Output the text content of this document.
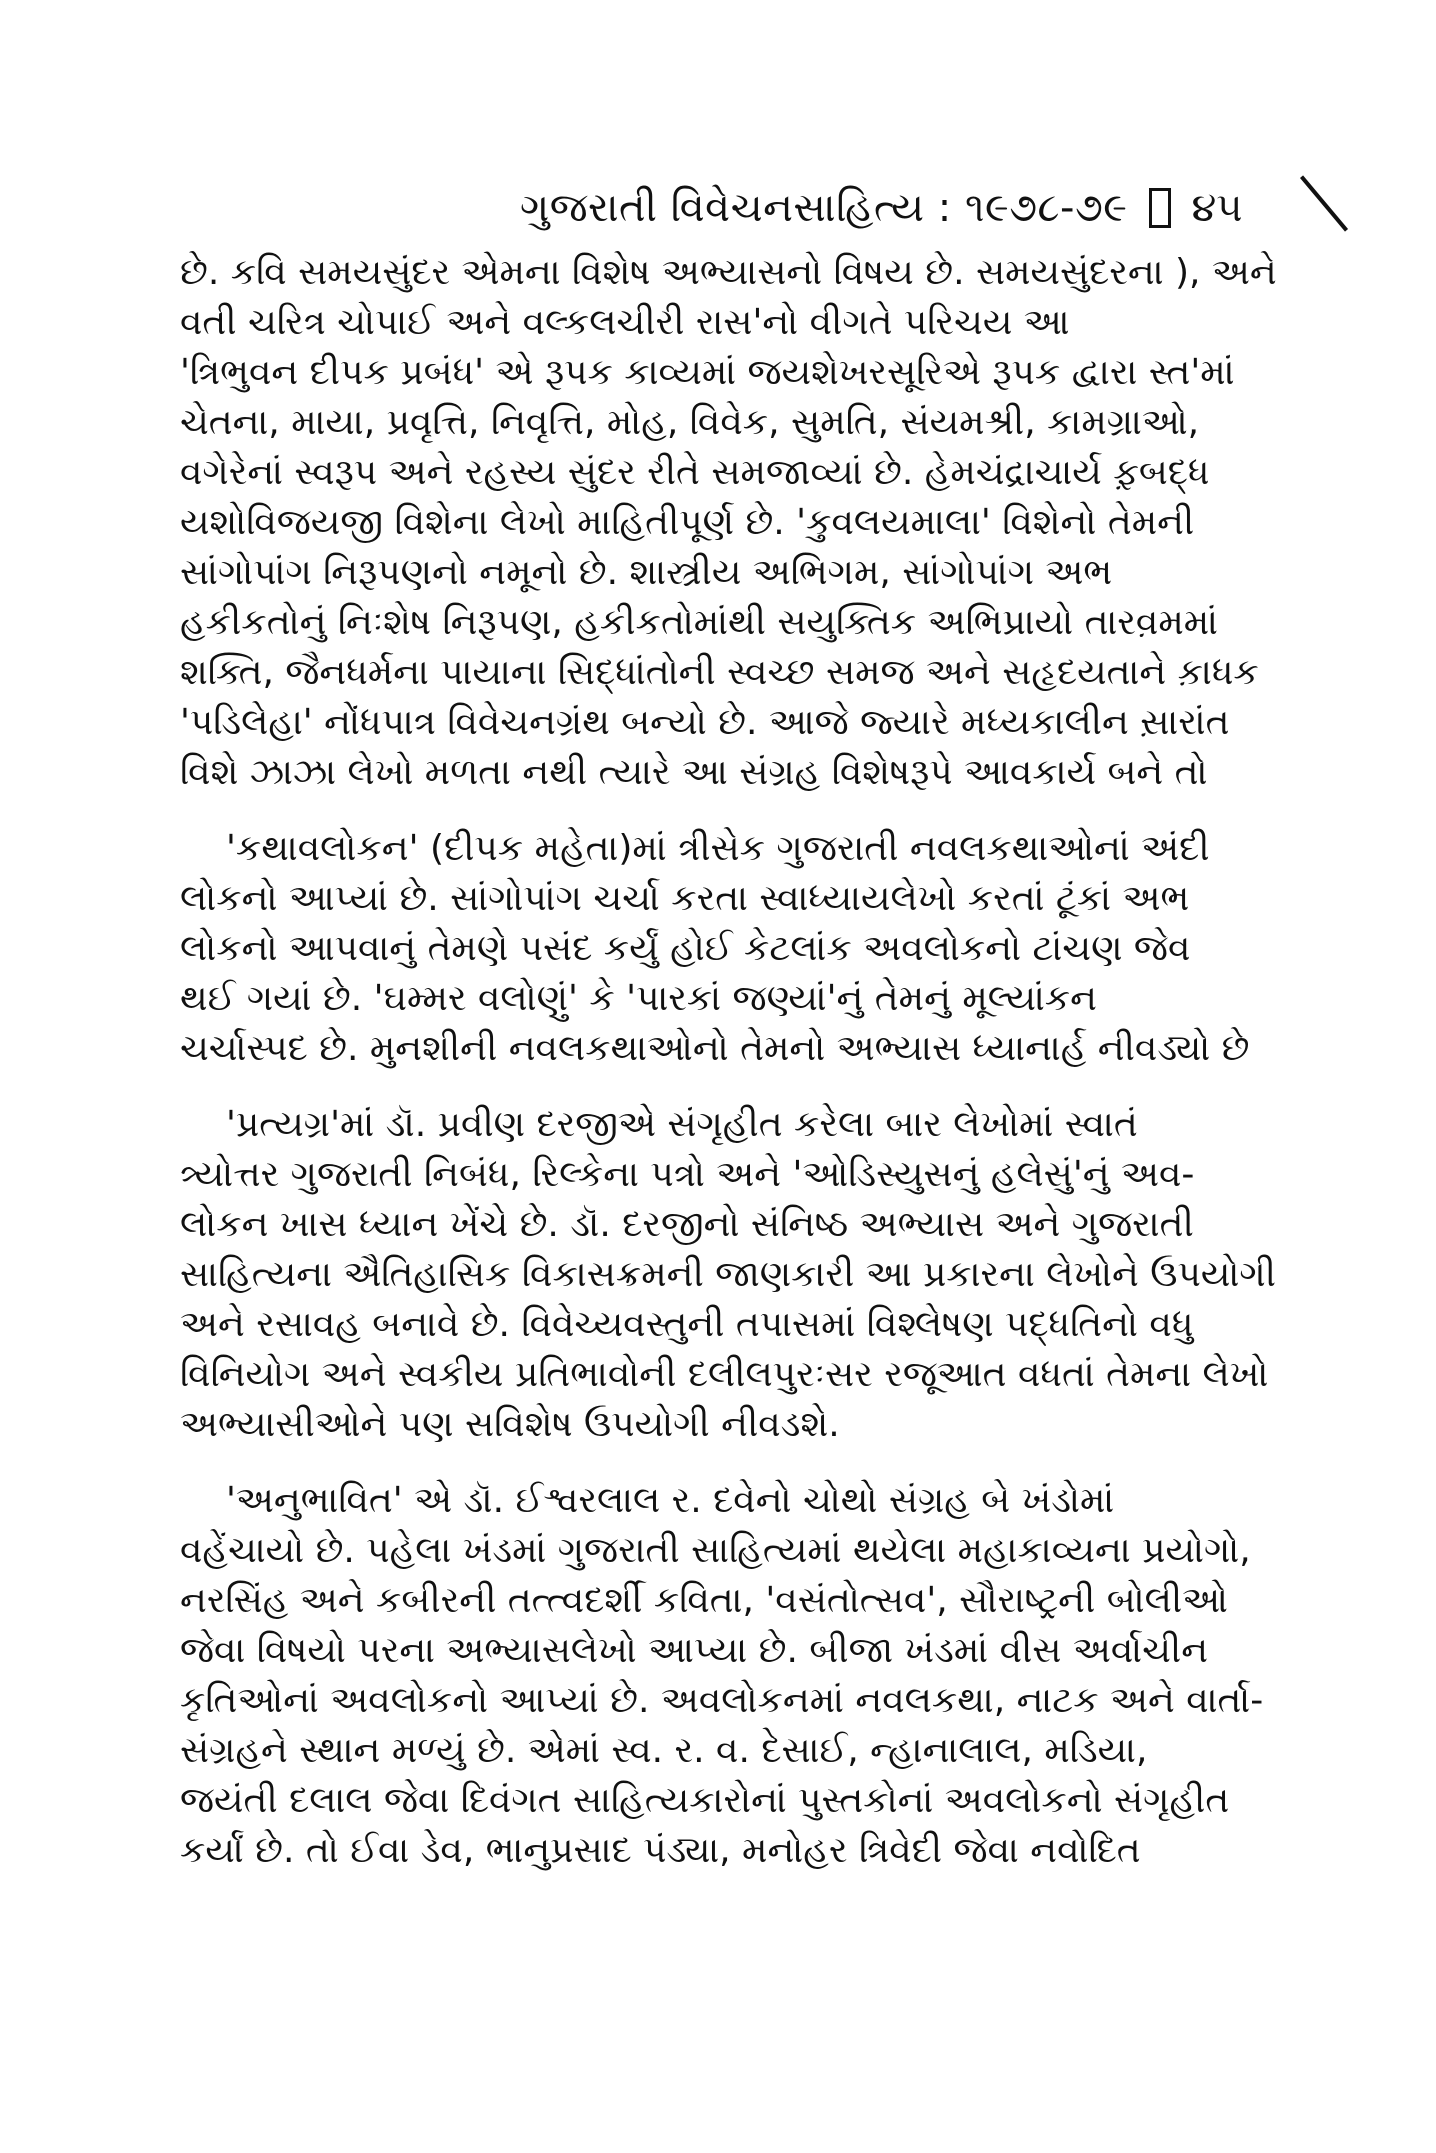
ગુજરાતી વિવેચનસાહિત્ય : ૧૯૭૮-૭૯ ૪૫
છે. કવિ સમયસુંદર એમના વિશેષ અભ્યાસનો વિષય છે. સમયસુંદરના ), અને
વતી ચરિત્ર ચોપાઈ અને વલ્કલચીરી રાસ'નો વીગતે પરિચય આ
'ત્રિભુવન દીપક પ્રબંધ' એ રૂપક કાવ્યમાં જયશેખરસૂરિએ રૂપક દ્વારા સ્ત'માં
ચેતના, માયા, પ્રવૃત્તિ, નિવૃત્તિ, મોહ, વિવેક, સુમતિ, સંયમશ્રી, કામગ્રાઓ,
વગેરેનાં સ્વરૂપ અને રહસ્ય સુંદર રીતે સમજાવ્યાં છે. હેમચંદ્રાચાર્ય ફ઼બદ્ધ
યશોવિજયજી વિશેના લેખો માહિતીપૂર્ણ છે. 'કુવલયમાલા' વિશેનો તેમની
સાંગોપાંગ નિરૂપણનો નમૂનો છે. શાસ્ત્રીય અભિગમ, સાંગોપાંગ અભ
હકીકતોનું નિઃશેષ નિરૂપણ, હકીકતોમાંથી સયુક્તિક અભિપ્રાયો તારવ઼મમાં
શક્તિ, જૈનધર્મના પાયાના સિદ્ધાંતોની સ્વચ્છ સમજ અને સહૃદયતાને કા઼ધક
'પડિલેહા' નોંધપાત્ર વિવેચનગ્રંથ બન્યો છે. આજે જ્યારે મધ્યકાલીન સા઼રાંત
વિશે ઝાઝા લેખો મળતા નથી ત્યારે આ સંગ્રહ વિશેષરૂપે આવકાર્ય બને તો
'કથાવલોકન' (દીપક મહેતા)માં ત્રીસેક ગુજરાતી નવલકથાઓનાં અંદી
લોકનો આપ્યાં છે. સાંગોપાંગ ચર્ચા કરતા સ્વાધ્યાયલેખો કરતાં ટૂંકાં અભ
લોકનો આપવાનું તેમણે પસંદ કર્યું હોઈ કેટલાંક અવલોકનો ટાંચણ જેવ
થઈ ગયાં છે. 'ઘમ્મર વલોણું' કે 'પારકાં જણ્યાં'નું તેમનું મૂલ્યાંકન
ચર્ચાસ્પદ છે. મુનશીની નવલકથાઓનો તેમનો અભ્યાસ ધ્યાનાર્હ નીવડ્યો છે
'પ્રત્યગ્ર'માં ડૉ. પ્રવીણ દરજીએ સંગૃહીત કરેલા બાર લેખોમાં સ્વાતં
ત્ર્યોત્તર ગુજરાતી નિબંધ, રિલ્કેના પત્રો અને 'ઓડિસ્યુસનું હલેસું'નું અવ-
લોકન ખાસ ધ્યાન ખેંચે છે. ડૉ. દરજીનો સંનિષ્ઠ અભ્યાસ અને ગુજરાતી
સાહિત્યના ઐતિહાસિક વિકાસક્રમની જાણકારી આ પ્રકારના લેખોને ઉપયોગી
અને રસાવહ બનાવે છે. વિવેચ્યવસ્તુની તપાસમાં વિશ્લેષણ પદ્ધતિનો વધુ
વિનિયોગ અને સ્વકીય પ્રતિભાવોની દલીલપુરઃસર રજૂઆત વધતાં તેમના લેખો
અભ્યાસીઓને પણ સવિશેષ ઉપયોગી નીવડશે.
'અનુભાવિત' એ ડૉ. ઈશ્વરલાલ ર. દવેનો ચોથો સંગ્રહ બે ખંડોમાં
વહેંચાયો છે. પહેલા ખંડમાં ગુજરાતી સાહિત્યમાં થયેલા મહાકાવ્યના પ્રયોગો,
નરસિંહ અને કબીરની તત્ત્વદર્શી કવિતા, 'વસંતોત્સવ', સૌરાષ્ટ્રની બોલીઓ
જેવા વિષયો પરના અભ્યાસલેખો આપ્યા છે. બીજા ખંડમાં વીસ અર્વાચીન
કૃતિઓનાં અવલોકનો આપ્યાં છે. અવલોકનમાં નવલકથા, નાટક અને વાર્તા-
સંગ્રહને સ્થાન મળ્યું છે. એમાં સ્વ. ર. વ. દેસાઈ, ન્હાનાલાલ, મડિયા,
જયંતી દલાલ જેવા દિવંગત સાહિત્યકારોનાં પુસ્તકોનાં અવલોકનો સંગૃહીત
કર્યાં છે. તો ઈવા ડેવ, ભાનુપ્રસાદ પંડ્યા, મનોહર ત્રિવેદી જેવા નવોદિત
